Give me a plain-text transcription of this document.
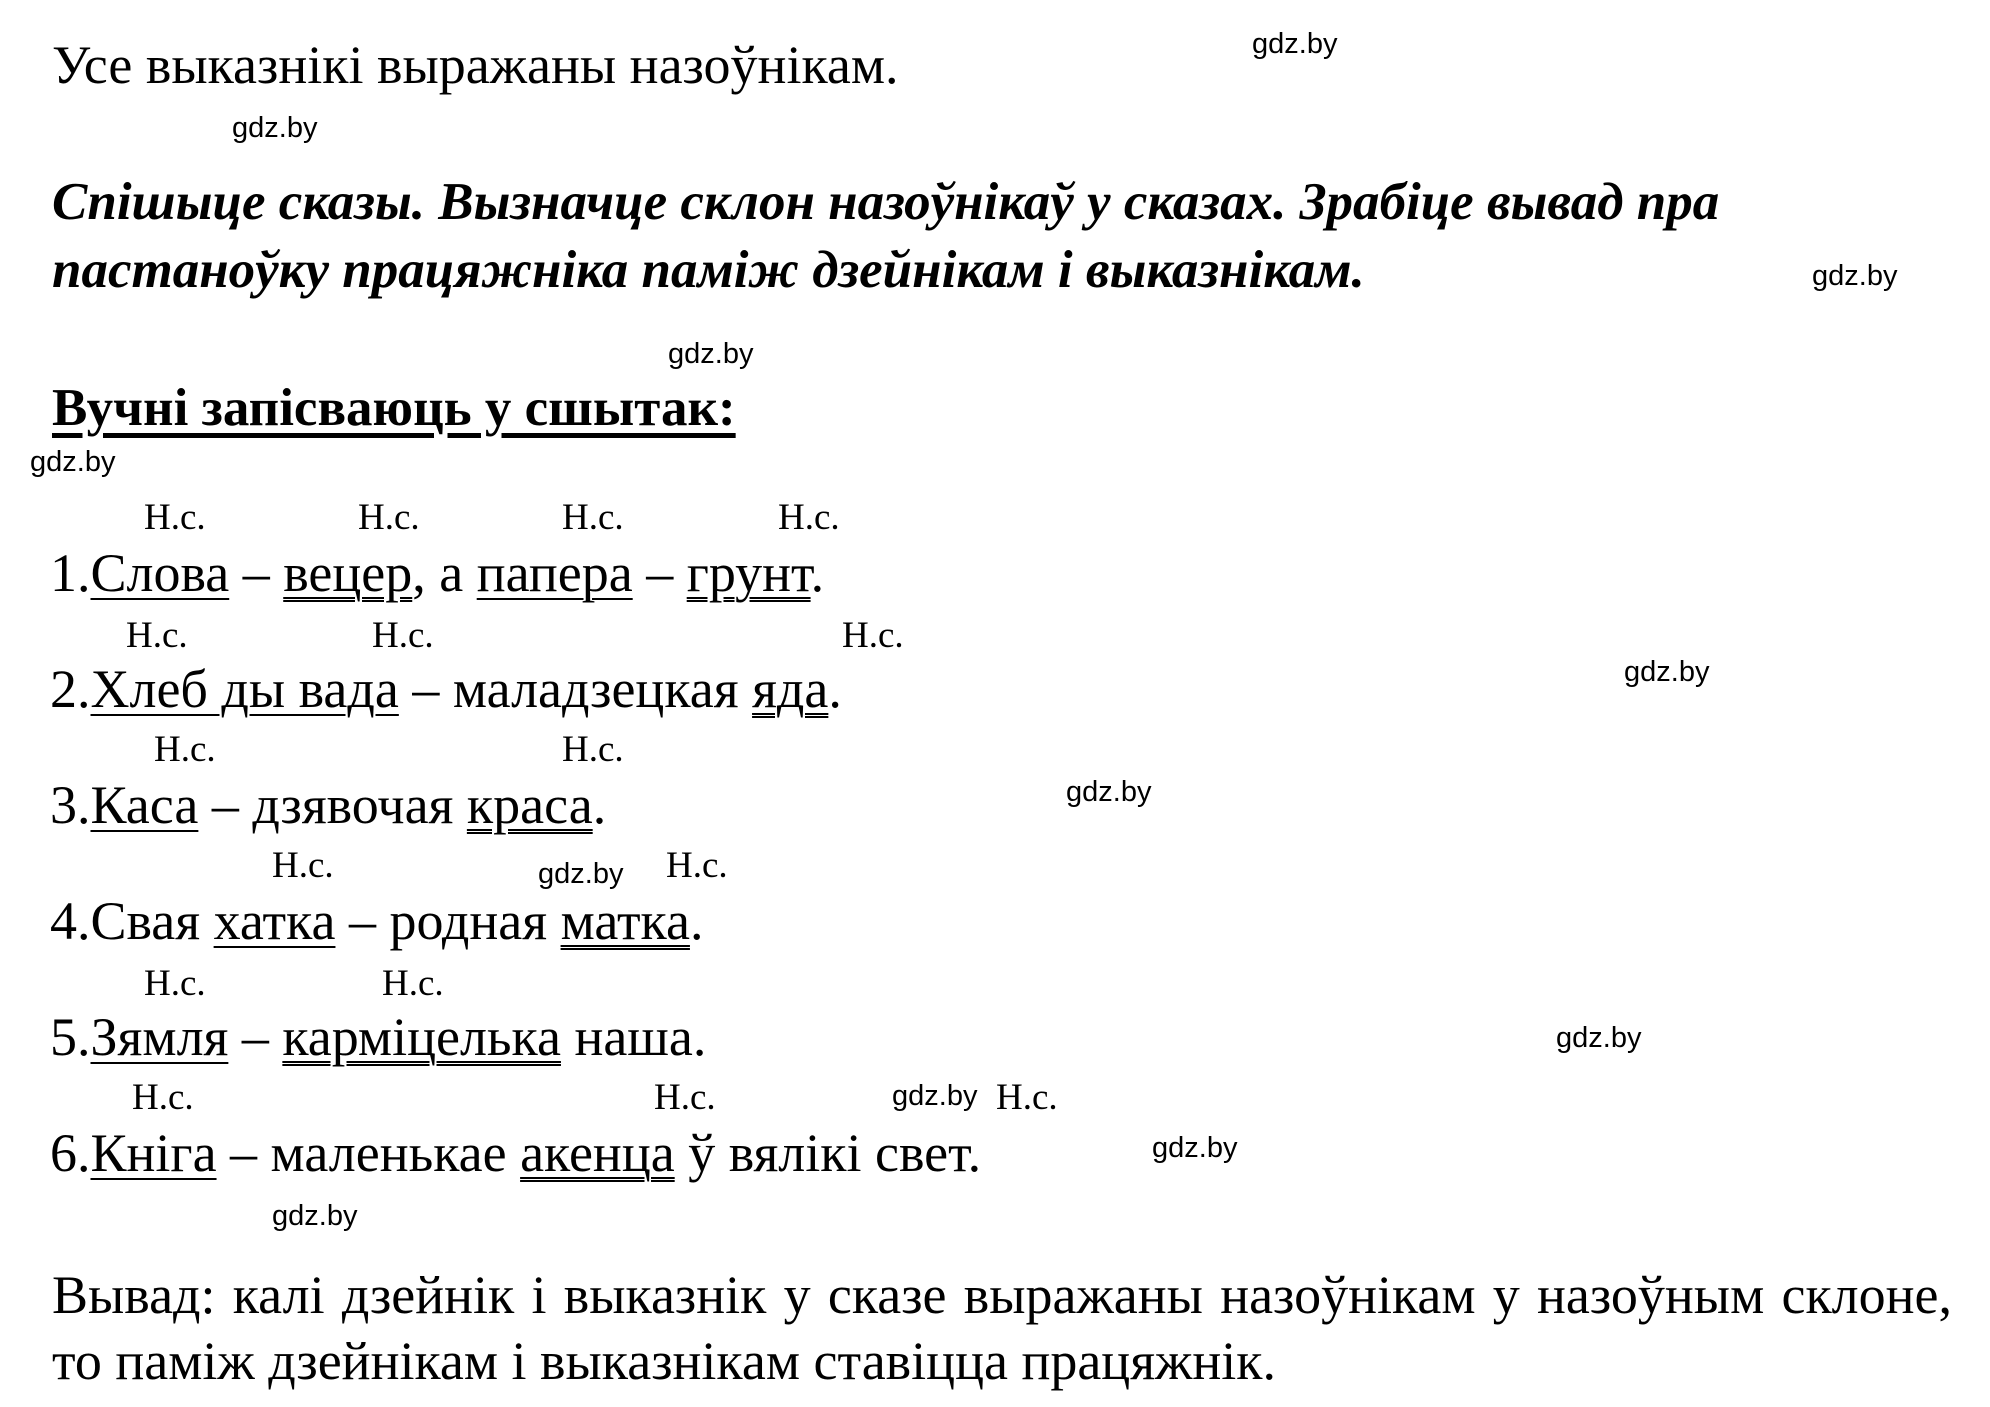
Усе выказнікі выражаны назоўнікам.
Спішыце сказы. Вызначце склон назоўнікаў у сказах. Зрабіце вывад пра
пастаноўку працяжніка паміж дзейнікам і выказнікам.
Вучні запісваюць у сшытак:
gdz.by
gdz.by
gdz.by
gdz.by
gdz.by
gdz.by
gdz.by
gdz.by
gdz.by
gdz.by
gdz.by
gdz.by
Н.с.	Н.с.	Н.с.	Н.с.
Н.с.	Н.с.	Н.с.
Н.с.	Н.с.
Н.с.	Н.с.
Н.с.	Н.с.
Н.с.	Н.с.	Н.с.
1.Слова – вецер, а папера – грунт.
2.Хлеб ды вада – маладзецкая яда.
3.Каса – дзявочая краса.
4.Свая хатка – родная матка.
5.Зямля – карміцелька наша.
6.Кніга – маленькае акенца ў вялікі свет.
Вывад: калі дзейнік і выказнік у сказе выражаны назоўнікам у назоўным склоне, то паміж дзейнікам і выказнікам ставіцца працяжнік.
